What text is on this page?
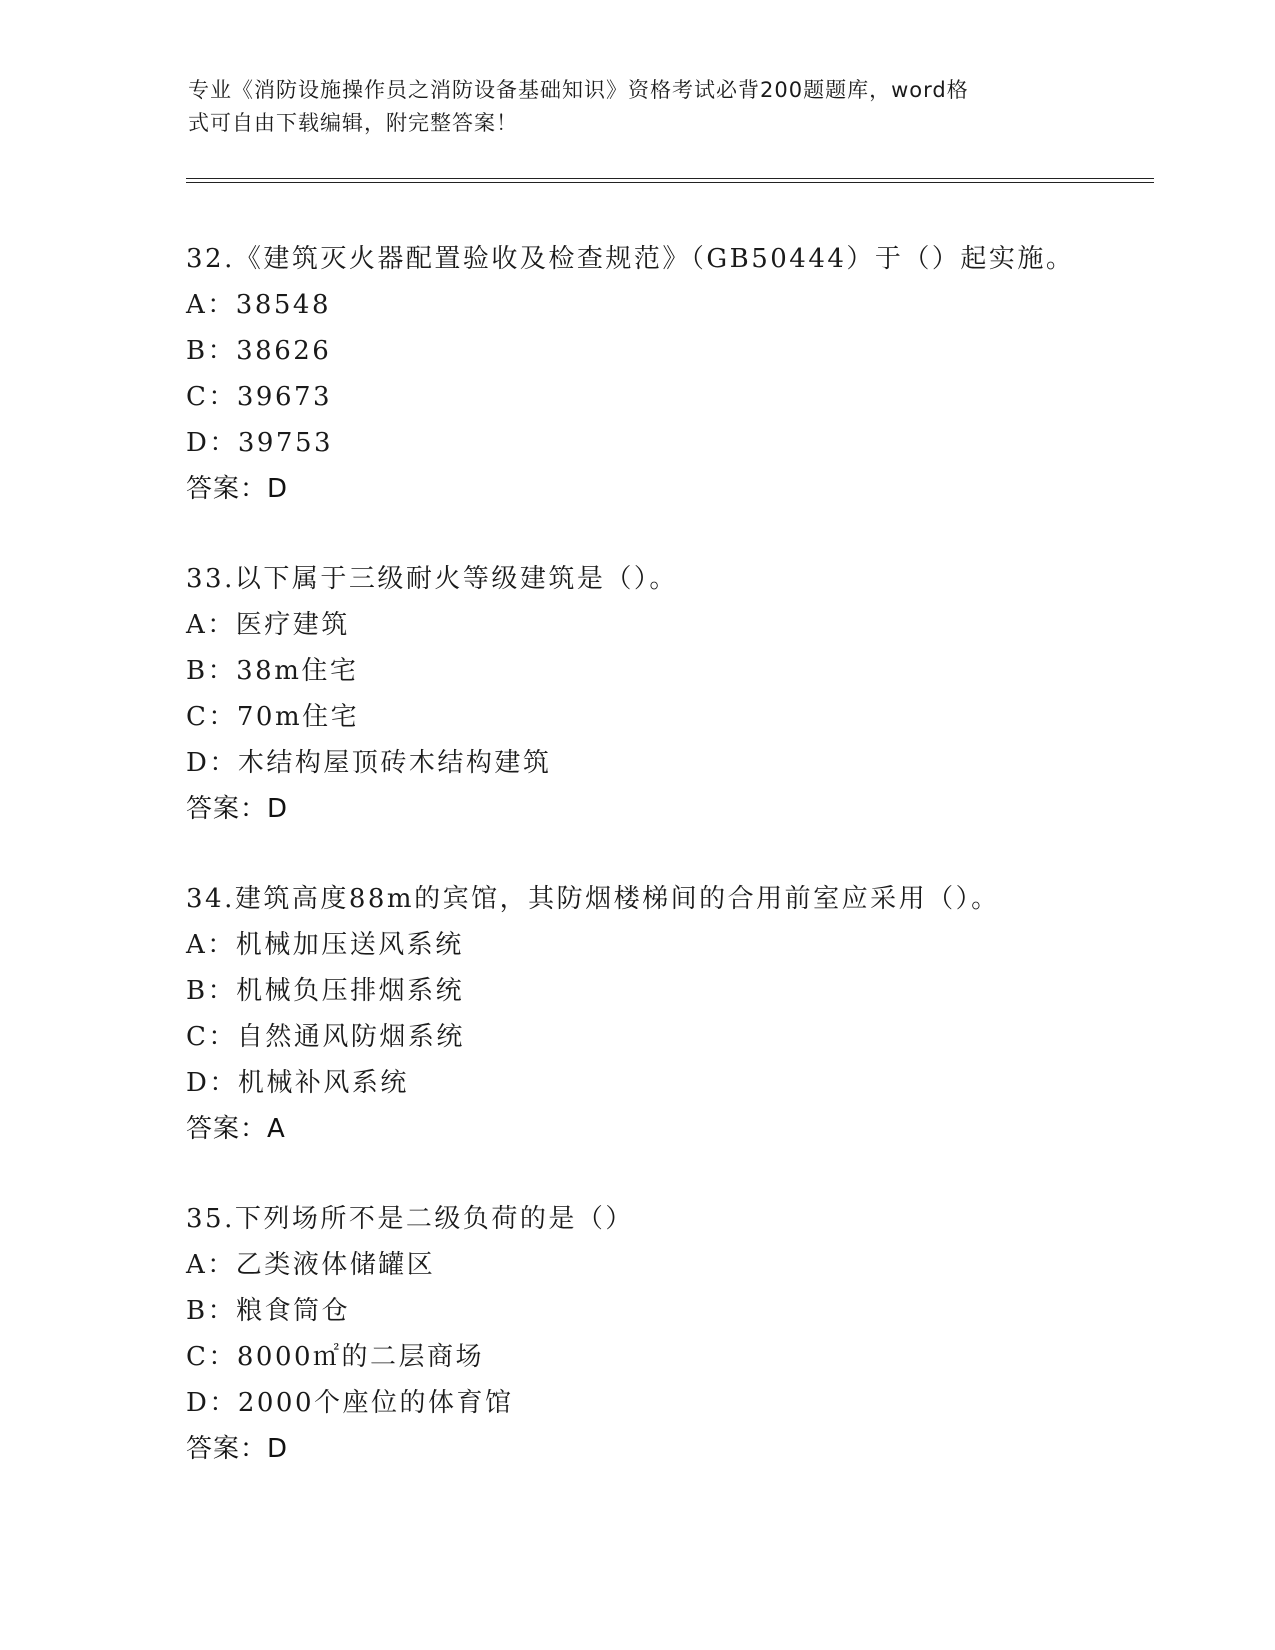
专业《消防设施操作员之消防设备基础知识》资格考试必背200题题库，word格
式可自由下载编辑，附完整答案！
32.《建筑灭火器配置验收及检查规范》（GB50444）于（）起实施。
A：38548
B：38626
C：39673
D：39753
答案：D
33.以下属于三级耐火等级建筑是（）。
A：医疗建筑
B：38m住宅
C：70m住宅
D：木结构屋顶砖木结构建筑
答案：D
34.建筑高度88m的宾馆，其防烟楼梯间的合用前室应采用（）。
A：机械加压送风系统
B：机械负压排烟系统
C：自然通风防烟系统
D：机械补风系统
答案：A
35.下列场所不是二级负荷的是（）
A：乙类液体储罐区
B：粮食筒仓
C：8000㎡的二层商场
D：2000个座位的体育馆
答案：D
